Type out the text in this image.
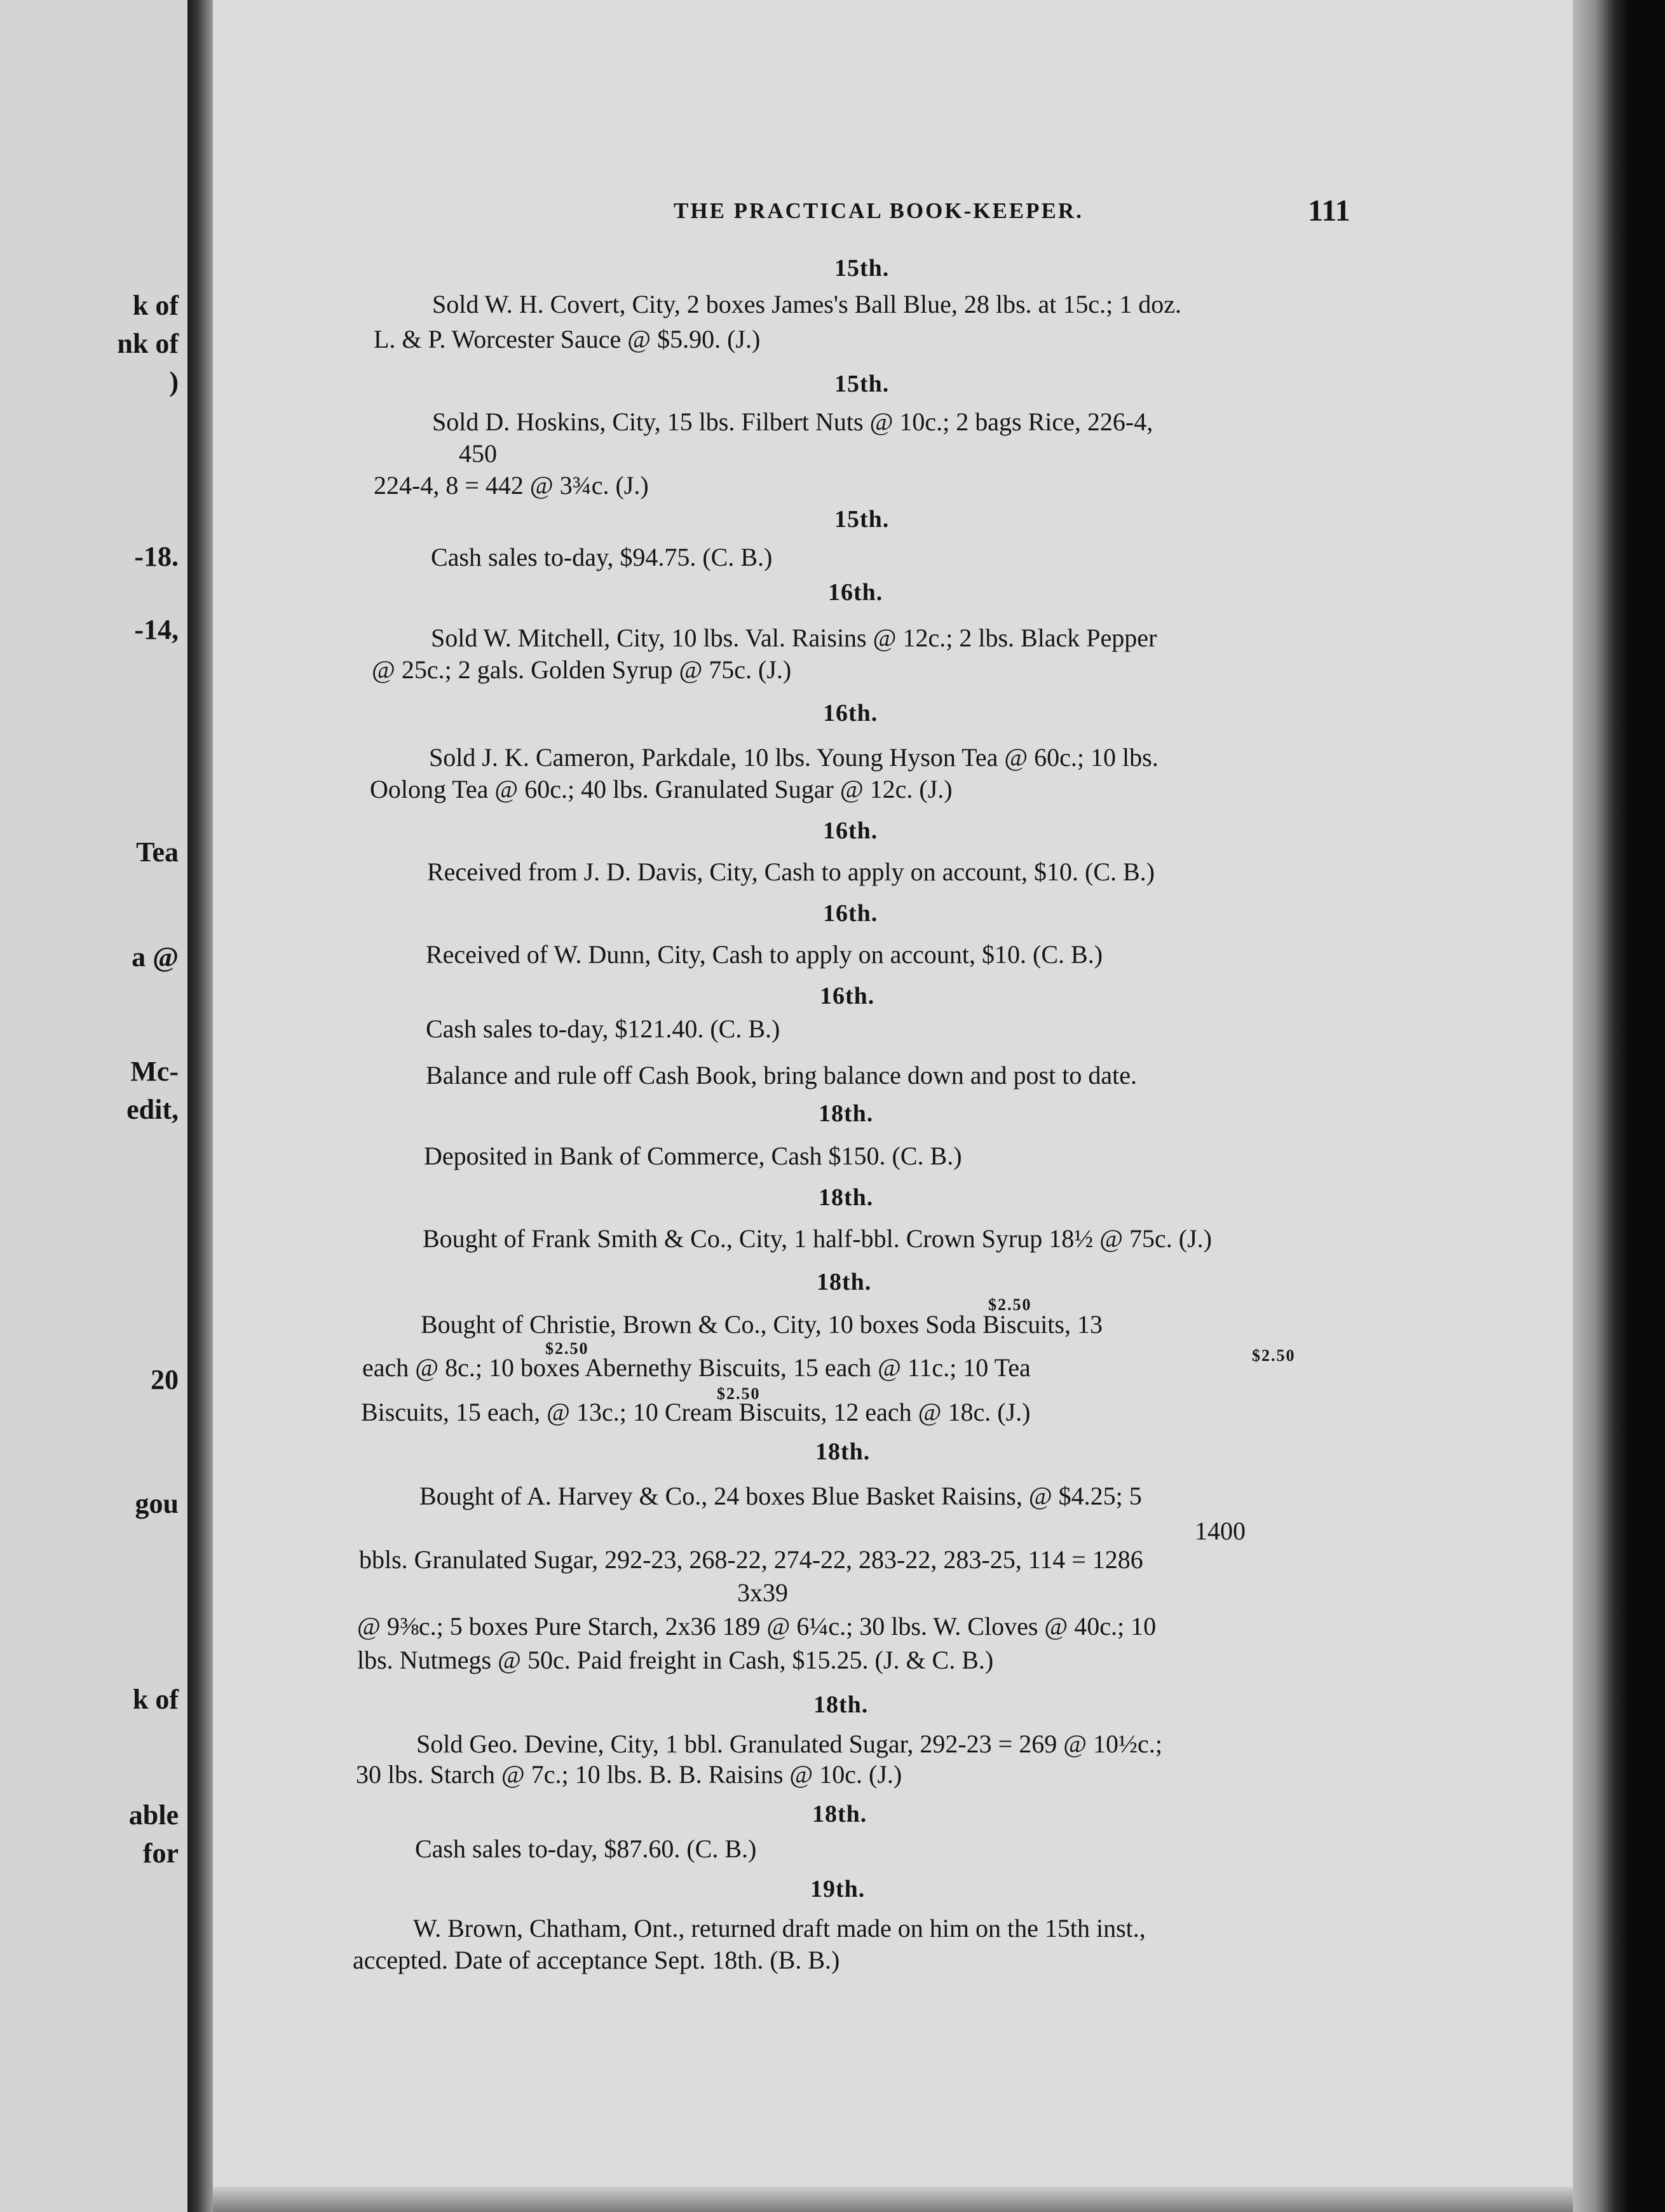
k of
nk of
)
-18.
-14,
Tea
a @
Mc-
edit,
20
gou
k of
able
for
THE PRACTICAL BOOK-KEEPER.	111
15th.
Sold W. H. Covert, City, 2 boxes James's Ball Blue, 28 lbs. at 15c.; 1 doz.
L. & P. Worcester Sauce @ $5.90. (J.)
15th.
Sold D. Hoskins, City, 15 lbs. Filbert Nuts @ 10c.; 2 bags Rice, 226-4,
450
224-4, 8 = 442 @ 3¾c. (J.)
15th.
Cash sales to-day, $94.75. (C. B.)
16th.
Sold W. Mitchell, City, 10 lbs. Val. Raisins @ 12c.; 2 lbs. Black Pepper
@ 25c.; 2 gals. Golden Syrup @ 75c. (J.)
16th.
Sold J. K. Cameron, Parkdale, 10 lbs. Young Hyson Tea @ 60c.; 10 lbs.
Oolong Tea @ 60c.; 40 lbs. Granulated Sugar @ 12c. (J.)
16th.
Received from J. D. Davis, City, Cash to apply on account, $10. (C. B.)
16th.
Received of W. Dunn, City, Cash to apply on account, $10. (C. B.)
16th.
Cash sales to-day, $121.40. (C. B.)
Balance and rule off Cash Book, bring balance down and post to date.
18th.
Deposited in Bank of Commerce, Cash $150. (C. B.)
18th.
Bought of Frank Smith & Co., City, 1 half-bbl. Crown Syrup 18½ @ 75c. (J.)
18th.
$2.50
Bought of Christie, Brown & Co., City, 10 boxes Soda Biscuits, 13
$2.50	$2.50
each @ 8c.; 10 boxes Abernethy Biscuits, 15 each @ 11c.; 10 Tea
$2.50
Biscuits, 15 each, @ 13c.; 10 Cream Biscuits, 12 each @ 18c. (J.)
18th.
Bought of A. Harvey & Co., 24 boxes Blue Basket Raisins, @ $4.25; 5
1400
bbls. Granulated Sugar, 292-23, 268-22, 274-22, 283-22, 283-25, 114 = 1286
3x39
@ 9⅜c.; 5 boxes Pure Starch, 2x36 189 @ 6¼c.; 30 lbs. W. Cloves @ 40c.; 10
lbs. Nutmegs @ 50c. Paid freight in Cash, $15.25. (J. & C. B.)
18th.
Sold Geo. Devine, City, 1 bbl. Granulated Sugar, 292-23 = 269 @ 10½c.;
30 lbs. Starch @ 7c.; 10 lbs. B. B. Raisins @ 10c. (J.)
18th.
Cash sales to-day, $87.60. (C. B.)
19th.
W. Brown, Chatham, Ont., returned draft made on him on the 15th inst.,
accepted. Date of acceptance Sept. 18th. (B. B.)
